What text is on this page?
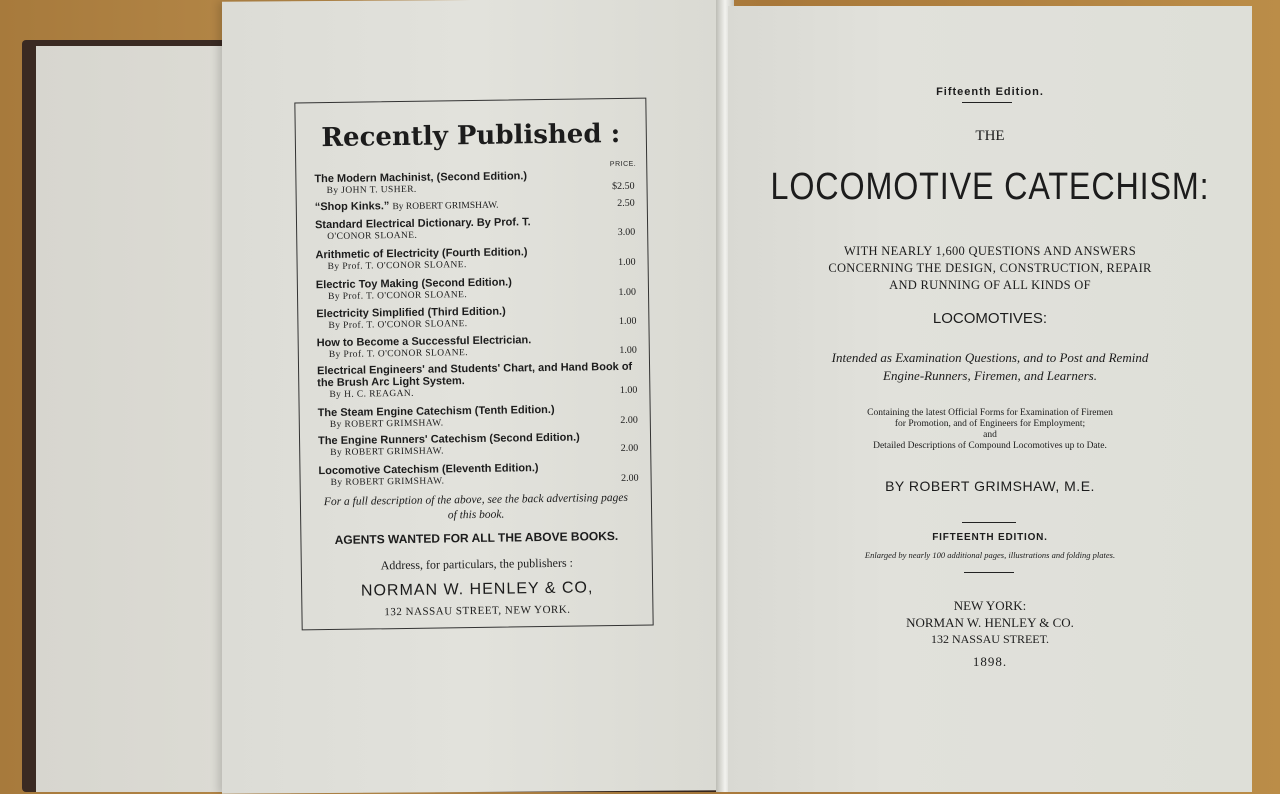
Recently Published :
PRICE.
The Modern Machinist, (Second Edition.)
By JOHN T. USHER.	$2.50
“Shop Kinks.” By ROBERT GRIMSHAW.	2.50
Standard Electrical Dictionary. By Prof. T.
O'CONOR SLOANE.	3.00
Arithmetic of Electricity (Fourth Edition.)
By Prof. T. O'CONOR SLOANE.	1.00
Electric Toy Making (Second Edition.)
By Prof. T. O'CONOR SLOANE.	1.00
Electricity Simplified (Third Edition.)
By Prof. T. O'CONOR SLOANE.	1.00
How to Become a Successful Electrician.
By Prof. T. O'CONOR SLOANE.	1.00
Electrical Engineers' and Students' Chart, and Hand Book of the Brush Arc Light System.
By H. C. REAGAN.	1.00
The Steam Engine Catechism (Tenth Edition.)
By ROBERT GRIMSHAW.	2.00
The Engine Runners' Catechism (Second Edition.)
By ROBERT GRIMSHAW.	2.00
Locomotive Catechism (Eleventh Edition.)
By ROBERT GRIMSHAW.	2.00
For a full description of the above, see the back advertising pages of this book.
AGENTS WANTED FOR ALL THE ABOVE BOOKS.
Address, for particulars, the publishers :
NORMAN W. HENLEY & CO,
132 NASSAU STREET, NEW YORK.
Fifteenth Edition.
THE
LOCOMOTIVE CATECHISM:
WITH NEARLY 1,600 QUESTIONS AND ANSWERS
CONCERNING THE DESIGN, CONSTRUCTION, REPAIR
AND RUNNING OF ALL KINDS OF
LOCOMOTIVES:
Intended as Examination Questions, and to Post and Remind
Engine-Runners, Firemen, and Learners.
Containing the latest Official Forms for Examination of Firemen
for Promotion, and of Engineers for Employment;
and
Detailed Descriptions of Compound Locomotives up to Date.
BY ROBERT GRIMSHAW, M.E.
FIFTEENTH EDITION.
Enlarged by nearly 100 additional pages, illustrations and folding plates.
NEW YORK:
NORMAN W. HENLEY & CO.
132 NASSAU STREET.
1898.
